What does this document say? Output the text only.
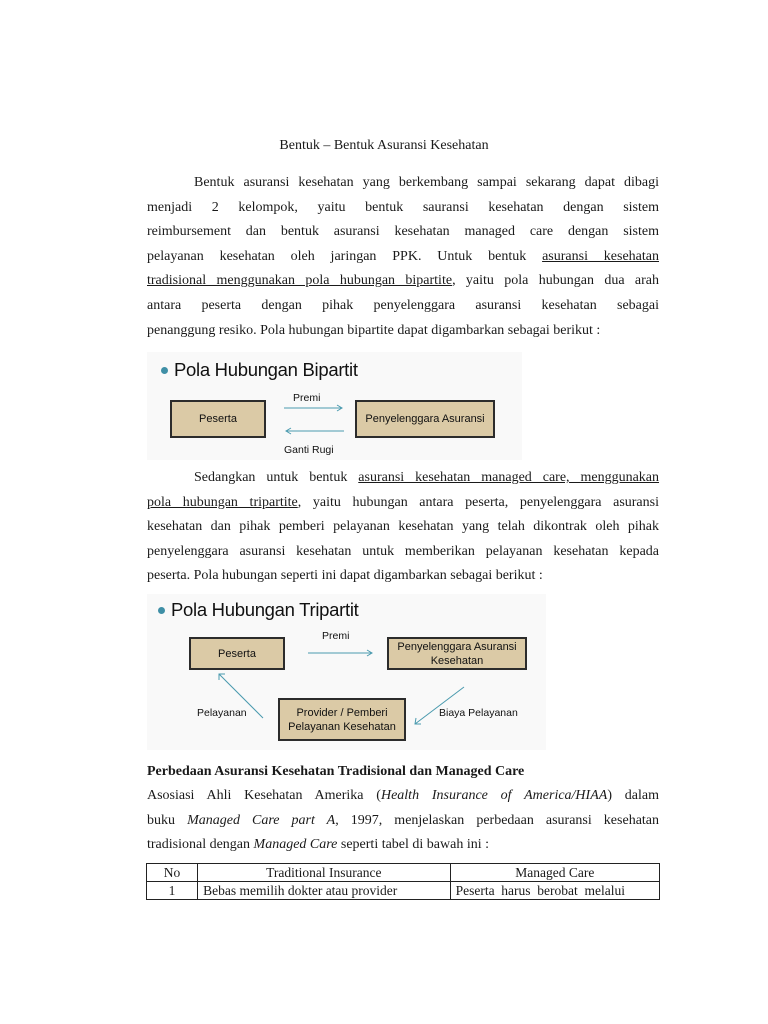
Bentuk – Bentuk Asuransi Kesehatan
Bentuk asuransi kesehatan yang berkembang sampai sekarang dapat dibagi
menjadi 2 kelompok, yaitu bentuk sauransi kesehatan dengan sistem
reimbursement dan bentuk asuransi kesehatan managed care dengan sistem
pelayanan kesehatan oleh jaringan PPK. Untuk bentuk asuransi kesehatan
tradisional menggunakan pola hubungan bipartite, yaitu pola hubungan dua arah
antara peserta dengan pihak penyelenggara asuransi kesehatan sebagai
penanggung resiko. Pola hubungan bipartite dapat digambarkan sebagai berikut :
Pola Hubungan Bipartit
Peserta	Penyelenggara Asuransi
Premi
Ganti Rugi
Sedangkan untuk bentuk asuransi kesehatan managed care, menggunakan
pola hubungan tripartite, yaitu hubungan antara peserta, penyelenggara asuransi
kesehatan dan pihak pemberi pelayanan kesehatan yang telah dikontrak oleh pihak
penyelenggara asuransi kesehatan untuk memberikan pelayanan kesehatan kepada
peserta. Pola hubungan seperti ini dapat digambarkan sebagai berikut :
Pola Hubungan Tripartit
Peserta
Penyelenggara Asuransi Kesehatan
Provider / Pemberi Pelayanan Kesehatan
Premi
Pelayanan	Biaya Pelayanan
Perbedaan Asuransi Kesehatan Tradisional dan Managed Care
Asosiasi Ahli Kesehatan Amerika (Health Insurance of America/HIAA) dalam
buku Managed Care part A, 1997, menjelaskan perbedaan asuransi kesehatan
tradisional dengan Managed Care seperti tabel di bawah ini :
No	Traditional Insurance	Managed Care
1	Bebas memilih dokter atau provider	Peserta  harus  berobat  melalui
